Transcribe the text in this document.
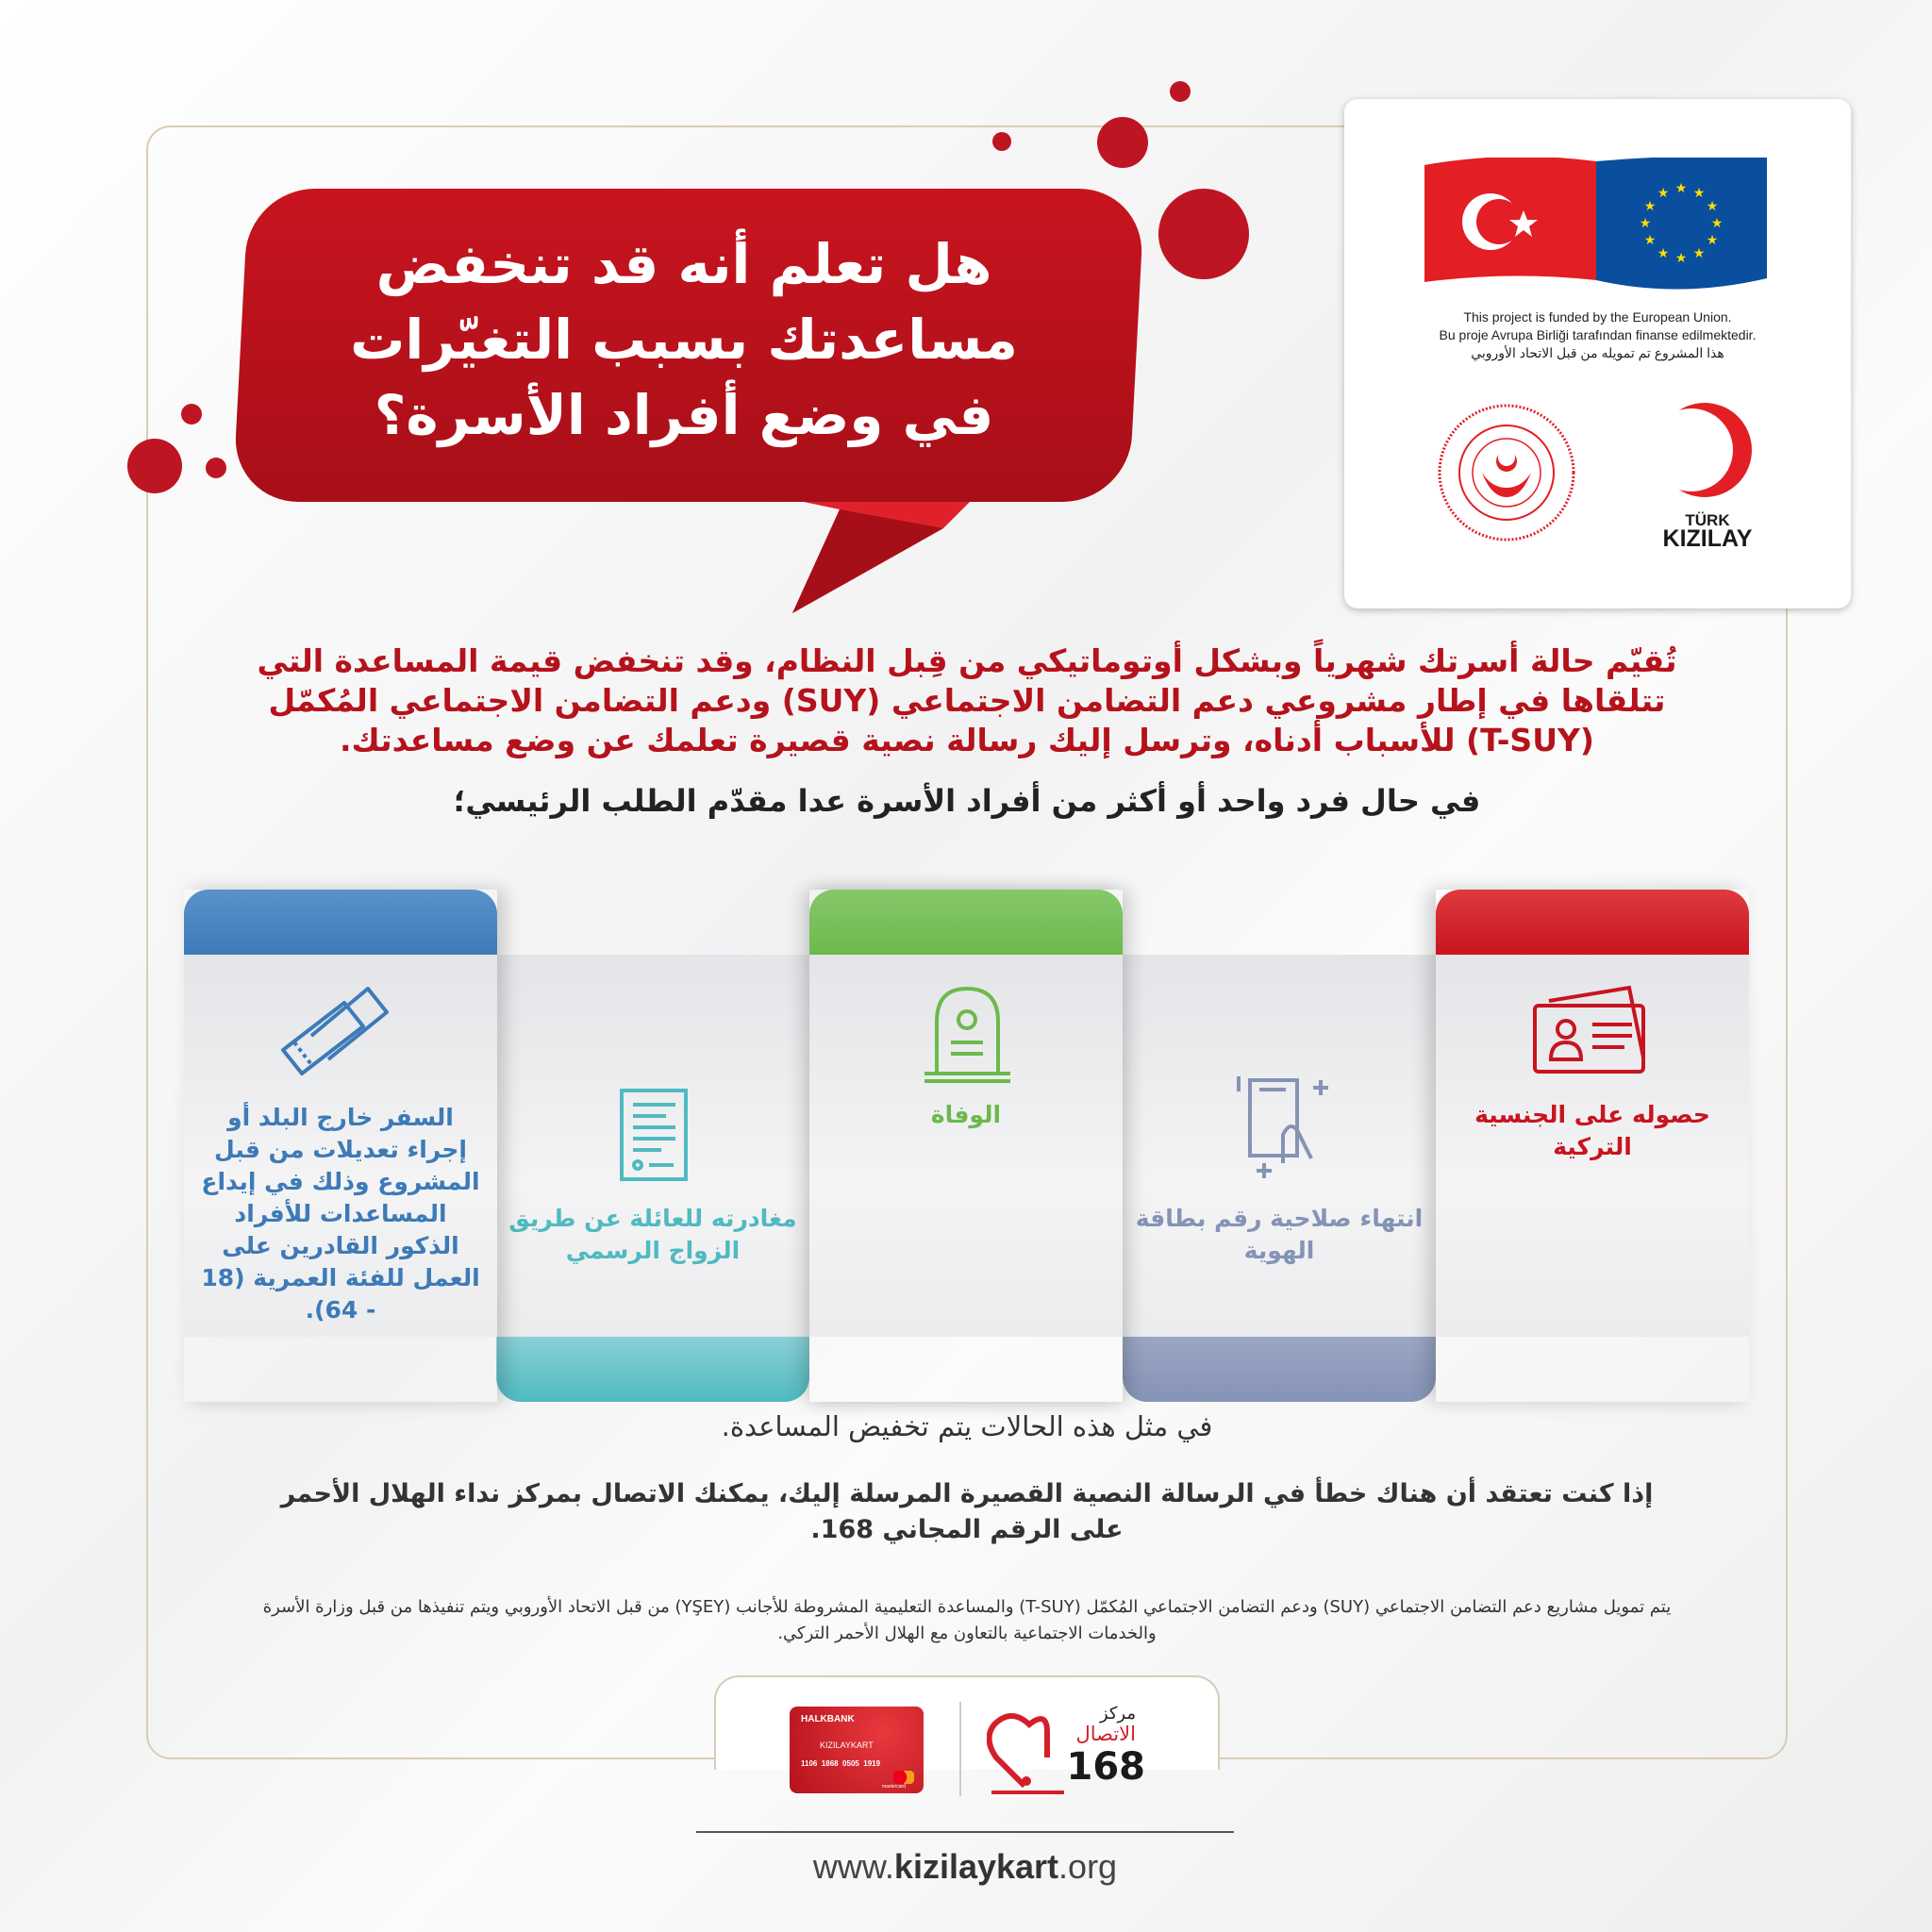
هل تعلم أنه قد تنخفض
مساعدتك بسبب التغيّرات
في وضع أفراد الأسرة؟
★ ★
★
★
★
★
★
★
★
★
★
★
This project is funded by the European Union.
Bu proje Avrupa Birliği tarafından finanse edilmektedir.
هذا المشروع تم تمويله من قبل الاتحاد الأوروبي
TÜRK
KIZILAY
تُقيّم حالة أسرتك شهرياً وبشكل أوتوماتيكي من قِبل النظام، وقد تنخفض قيمة المساعدة التي تتلقاها في إطار مشروعي دعم التضامن الاجتماعي (SUY) ودعم التضامن الاجتماعي المُكمّل (T-SUY) للأسباب أدناه، وترسل إليك رسالة نصية قصيرة تعلمك عن وضع مساعدتك.
في حال فرد واحد أو أكثر من أفراد الأسرة عدا مقدّم الطلب الرئيسي؛
السفر خارج البلد أو إجراء تعديلات من قبل المشروع وذلك في إيداع المساعدات للأفراد الذكور القادرين على العمل للفئة العمرية (18 - 64).
مغادرته للعائلة عن طريق الزواج الرسمي
الوفاة
انتهاء صلاحية رقم بطاقة الهوية
حصوله على الجنسية التركية
في مثل هذه الحالات يتم تخفيض المساعدة.
إذا كنت تعتقد أن هناك خطأ في الرسالة النصية القصيرة المرسلة إليك، يمكنك الاتصال بمركز نداء الهلال الأحمر على الرقم المجاني 168.
يتم تمويل مشاريع دعم التضامن الاجتماعي (SUY) ودعم التضامن الاجتماعي المُكمّل (T-SUY) والمساعدة التعليمية المشروطة للأجانب (YŞEY) من قبل الاتحاد الأوروبي ويتم تنفيذها من قبل وزارة الأسرة والخدمات الاجتماعية بالتعاون مع الهلال الأحمر التركي.
HALKBANK
KIZILAYKART
1106  1868  0505  1919
mastercard
مركز
الاتصال
168
www.kizilaykart.org
